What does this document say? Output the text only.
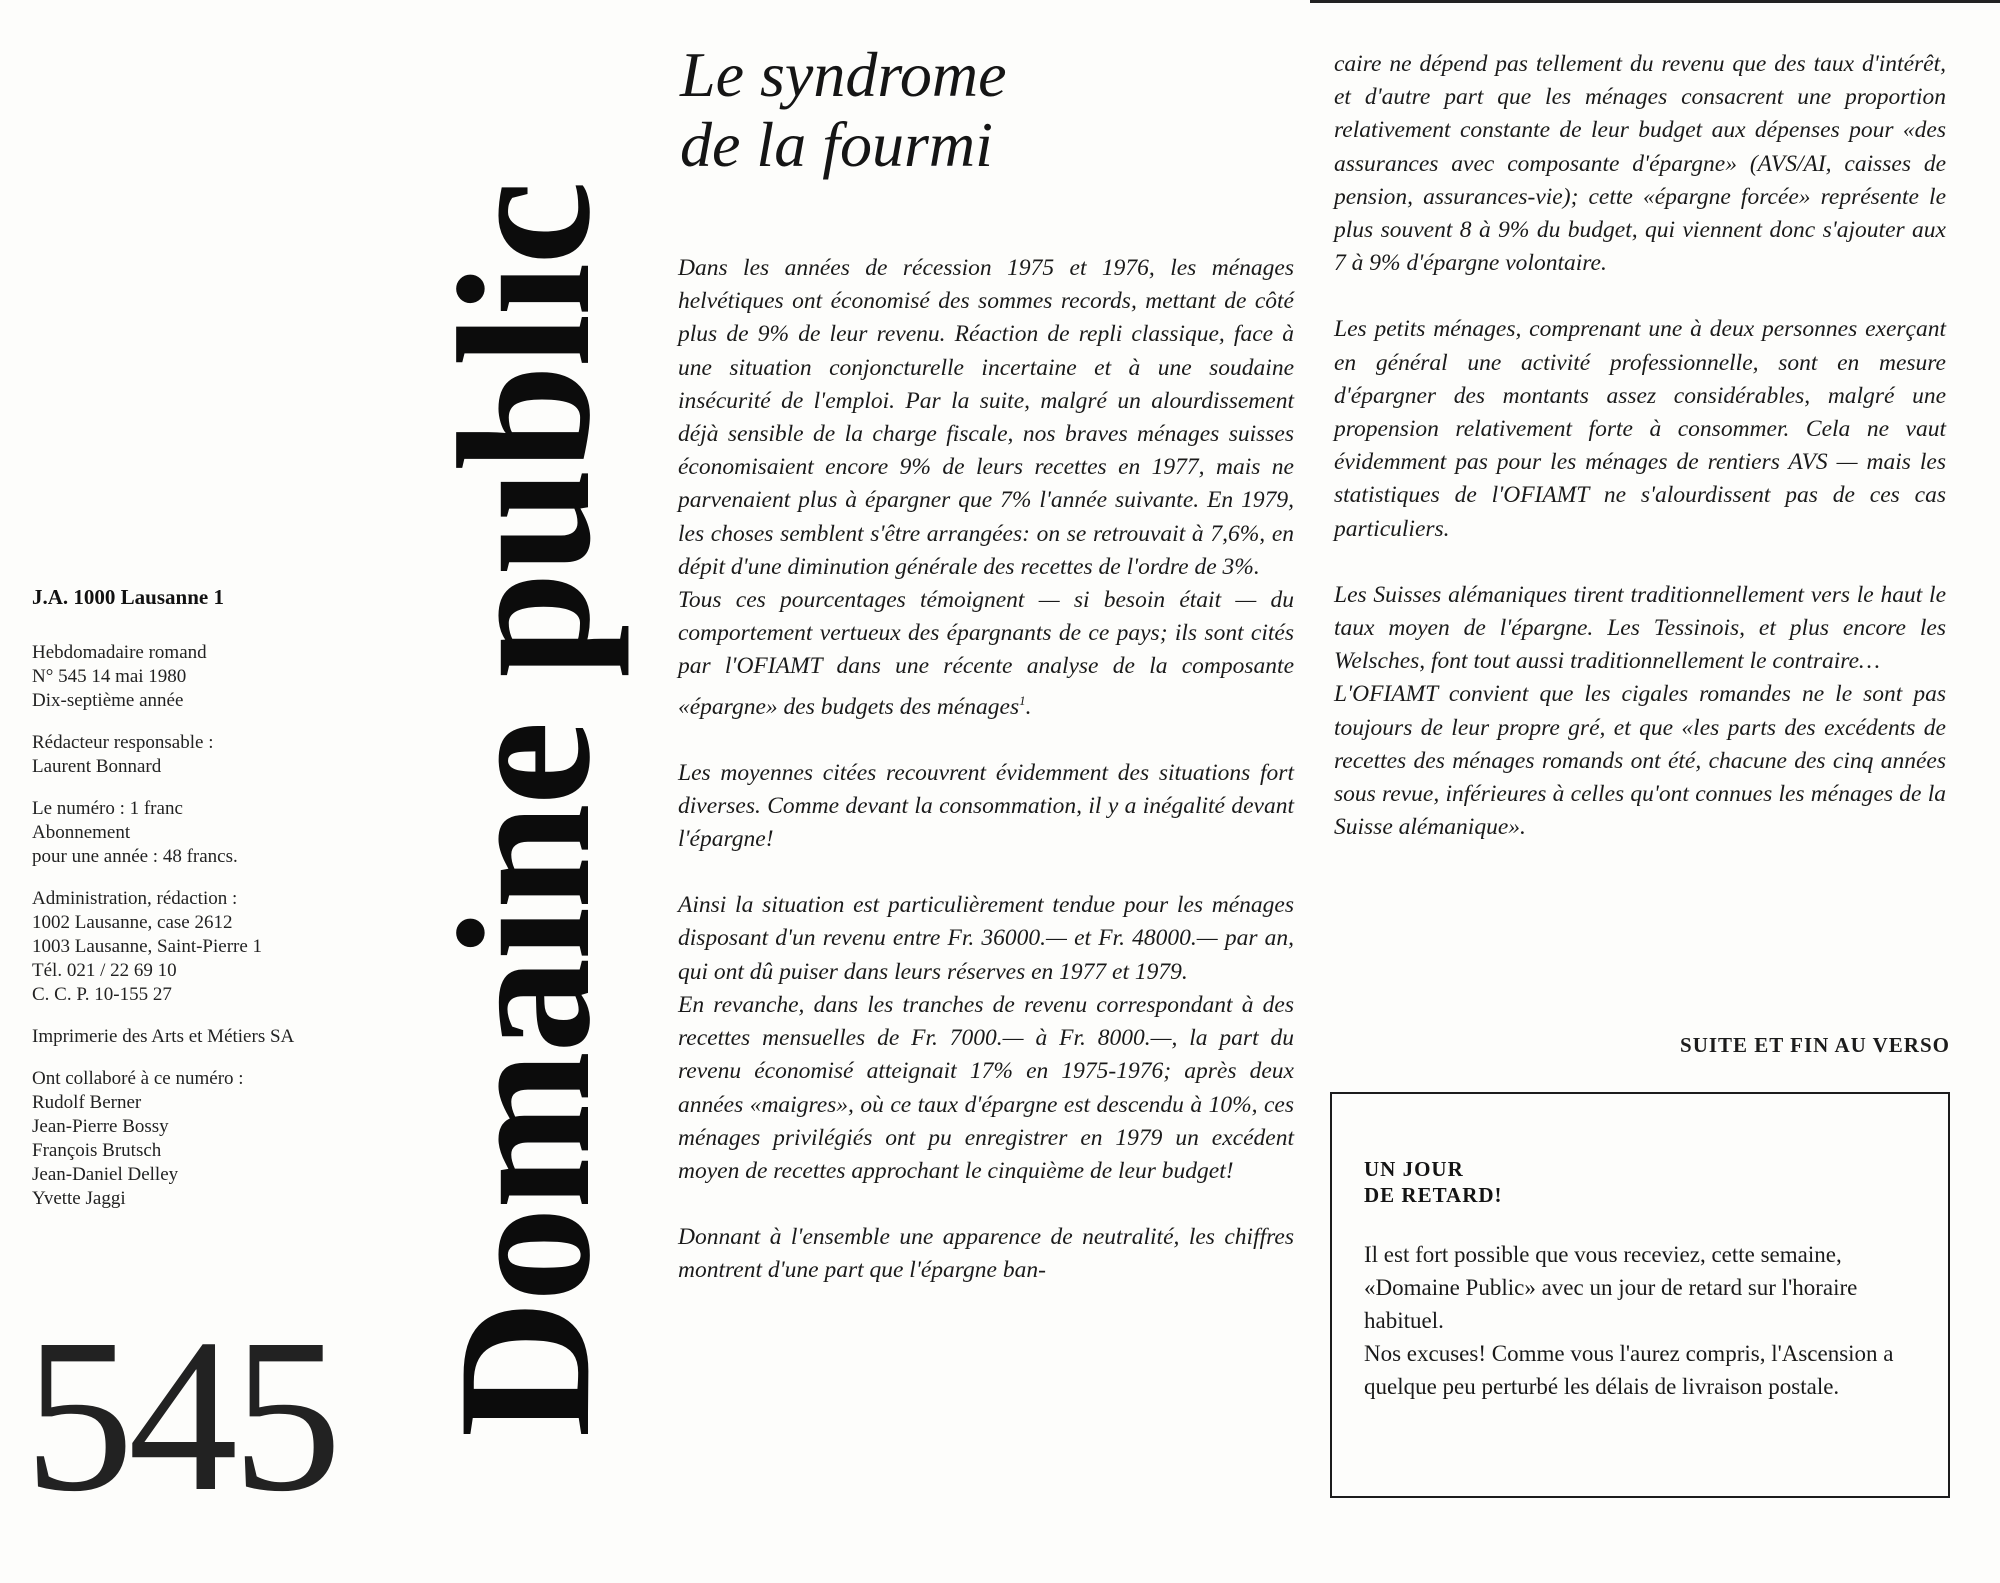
J.A. 1000 Lausanne 1
Hebdomadaire romand
N° 545 14 mai 1980
Dix-septième année
Rédacteur responsable :
Laurent Bonnard
Le numéro : 1 franc
Abonnement
pour une année : 48 francs.
Administration, rédaction :
1002 Lausanne, case 2612
1003 Lausanne, Saint-Pierre 1
Tél. 021 / 22 69 10
C. C. P. 10-155 27
Imprimerie des Arts et Métiers SA
Ont collaboré à ce numéro :
Rudolf Berner
Jean-Pierre Bossy
François Brutsch
Jean-Daniel Delley
Yvette Jaggi
545 Domaine public
Le syndrome
de la fourmi

Dans les années de récession 1975 et 1976, les ménages helvétiques ont économisé des sommes records, mettant de côté plus de 9% de leur revenu. Réaction de repli classique, face à une situation conjoncturelle incertaine et à une soudaine insécurité de l'emploi. Par la suite, malgré un alourdissement déjà sensible de la charge fiscale, nos braves ménages suisses économisaient encore 9% de leurs recettes en 1977, mais ne parvenaient plus à épargner que 7% l'année suivante. En 1979, les choses semblent s'être arrangées: on se retrouvait à 7,6%, en dépit d'une diminution générale des recettes de l'ordre de 3%.

Tous ces pourcentages témoignent — si besoin était — du comportement vertueux des épargnants de ce pays; ils sont cités par l'OFIAMT dans une récente analyse de la composante «épargne» des budgets des ménages$^1$.

Les moyennes citées recouvrent évidemment des situations fort diverses. Comme devant la consommation, il y a inégalité devant l'épargne!

Ainsi la situation est particulièrement tendue pour les ménages disposant d'un revenu entre Fr. 36000.— et Fr. 48000.— par an, qui ont dû puiser dans leurs réserves en 1977 et 1979.

En revanche, dans les tranches de revenu correspondant à des recettes mensuelles de Fr. 7000.— à Fr. 8000.—, la part du revenu économisé atteignait 17% en 1975-1976; après deux années «maigres», où ce taux d'épargne est descendu à 10%, ces ménages privilégiés ont pu enregistrer en 1979 un excédent moyen de recettes approchant le cinquième de leur budget!

Donnant à l'ensemble une apparence de neutralité, les chiffres montrent d'une part que l'épargne ban-

caire ne dépend pas tellement du revenu que des taux d'intérêt, et d'autre part que les ménages consacrent une proportion relativement constante de leur budget aux dépenses pour «des assurances avec composante d'épargne» (AVS/AI, caisses de pension, assurances-vie); cette «épargne forcée» représente le plus souvent 8 à 9% du budget, qui viennent donc s'ajouter aux 7 à 9% d'épargne volontaire.

Les petits ménages, comprenant une à deux personnes exerçant en général une activité professionnelle, sont en mesure d'épargner des montants assez considérables, malgré une propension relativement forte à consommer. Cela ne vaut évidemment pas pour les ménages de rentiers AVS — mais les statistiques de l'OFIAMT ne s'alourdissent pas de ces cas particuliers.

Les Suisses alémaniques tirent traditionnellement vers le haut le taux moyen de l'épargne. Les Tessinois, et plus encore les Welsches, font tout aussi traditionnellement le contraire…

L'OFIAMT convient que les cigales romandes ne le sont pas toujours de leur propre gré, et que «les parts des excédents de recettes des ménages romands ont été, chacune des cinq années sous revue, inférieures à celles qu'ont connues les ménages de la Suisse alémanique».

SUITE ET FIN AU VERSO
UN JOUR
DE RETARD!

Il est fort possible que vous receviez, cette semaine, «Domaine Public» avec un jour de retard sur l'horaire habituel.

Nos excuses! Comme vous l'aurez compris, l'Ascension a quelque peu perturbé les délais de livraison postale.
